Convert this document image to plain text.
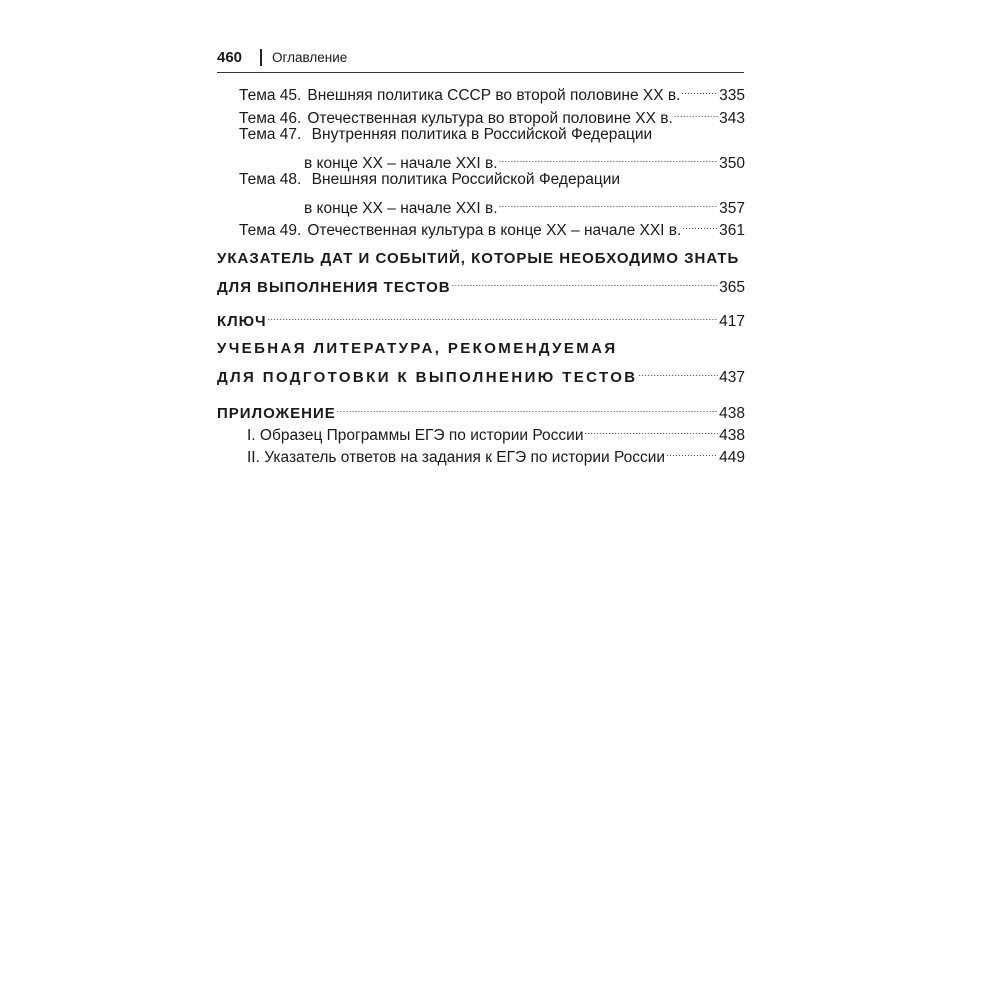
460 Оглавление
Тема 45. Внешняя политика СССР во второй половине XX в. ..... 335
Тема 46. Отечественная культура во второй половине XX в. .....	343
Тема 47. Внутренняя политика в Российской Федерации
в конце XX – начале XXI в. .....	350
Тема 48. Внешняя политика Российской Федерации
в конце XX – начале XXI в. .....	357
Тема 49. Отечественная культура в конце XX – начале XXI в. ..... 361
УКАЗАТЕЛЬ ДАТ И СОБЫТИЙ, КОТОРЫЕ НЕОБХОДИМО ЗНАТЬ
ДЛЯ ВЫПОЛНЕНИЯ ТЕСТОВ .....	365
КЛЮЧ .....	417
УЧЕБНАЯ ЛИТЕРАТУРА, РЕКОМЕНДУЕМАЯ
ДЛЯ ПОДГОТОВКИ К ВЫПОЛНЕНИЮ ТЕСТОВ .....	437
ПРИЛОЖЕНИЕ .....	438
I. Образец Программы ЕГЭ по истории России .....	438
II. Указатель ответов на задания к ЕГЭ по истории России .....	449
